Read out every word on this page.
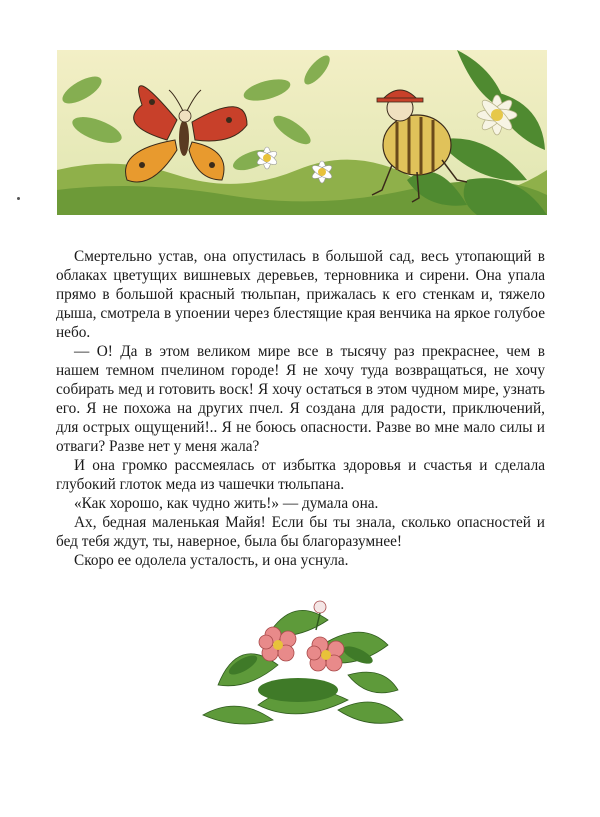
Смертельно устав, она опустилась в большой сад, весь утопающий в облаках цветущих вишневых деревьев, терновника и сирени. Она упала прямо в большой красный тюльпан, прижалась к его стенкам и, тяжело дыша, смотрела в упоении через блестящие края венчика на яркое голубое небо.

— О! Да в этом великом мире все в тысячу раз прекраснее, чем в нашем темном пчелином городе! Я не хочу туда возвращаться, не хочу собирать мед и готовить воск! Я хочу остаться в этом чудном мире, узнать его. Я не похожа на других пчел. Я создана для радости, приключений, для острых ощущений!.. Я не боюсь опасности. Разве во мне мало силы и отваги? Разве нет у меня жала?

И она громко рассмеялась от избытка здоровья и счастья и сделала глубокий глоток меда из чашечки тюльпана.

«Как хорошо, как чудно жить!» — думала она.

Ах, бедная маленькая Майя! Если бы ты знала, сколько опасностей и бед тебя ждут, ты, наверное, была бы благоразумнее!

Скоро ее одолела усталость, и она уснула.
